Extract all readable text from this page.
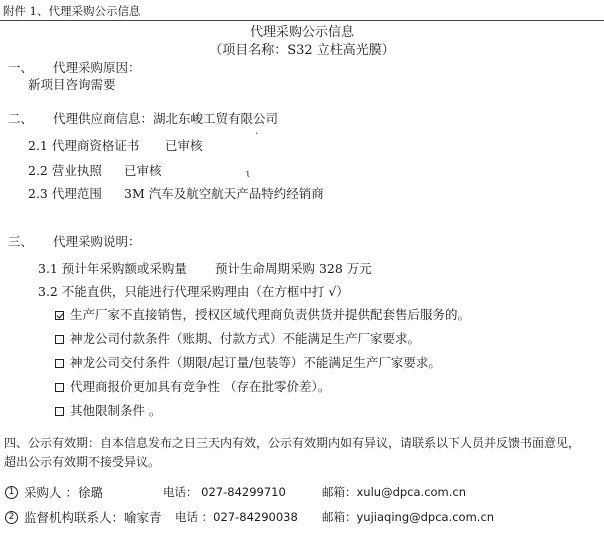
附件 1、代理采购公示信息
代理采购公示信息
（项目名称：S32 立柱高光膜）
一、 代理采购原因：
新项目咨询需要
二、 代理供应商信息：湖北东峻工贸有限公司
2.1 代理商资格证书 已审核
·
2.2 营业执照 已审核	ɩ
2.3 代理范围 3M 汽车及航空航天产品特约经销商
三、 代理采购说明：
3.1 预计年采购额或采购量 预计生命周期采购 328 万元
3.2 不能直供，只能进行代理采购理由（在方框中打 √）
生产厂家不直接销售，授权区域代理商负责供货并提供配套售后服务的。
神龙公司付款条件（账期、付款方式）不能满足生产厂家要求。
神龙公司交付条件（期限/起订量/包装等）不能满足生产厂家要求。
代理商报价更加具有竞争性 （存在批零价差）。
其他限制条件 。
四、公示有效期：自本信息发布之日三天内有效，公示有效期内如有异议，请联系以下人员并反馈书面意见，
超出公示有效期不接受异议。
1 采购人 ：徐璐	电话： 027-84299710	邮箱：xulu@dpca.com.cn
2 监督机构联系人：喻家青 电话 ：027-84290038 邮箱：yujiaqing@dpca.com.cn
